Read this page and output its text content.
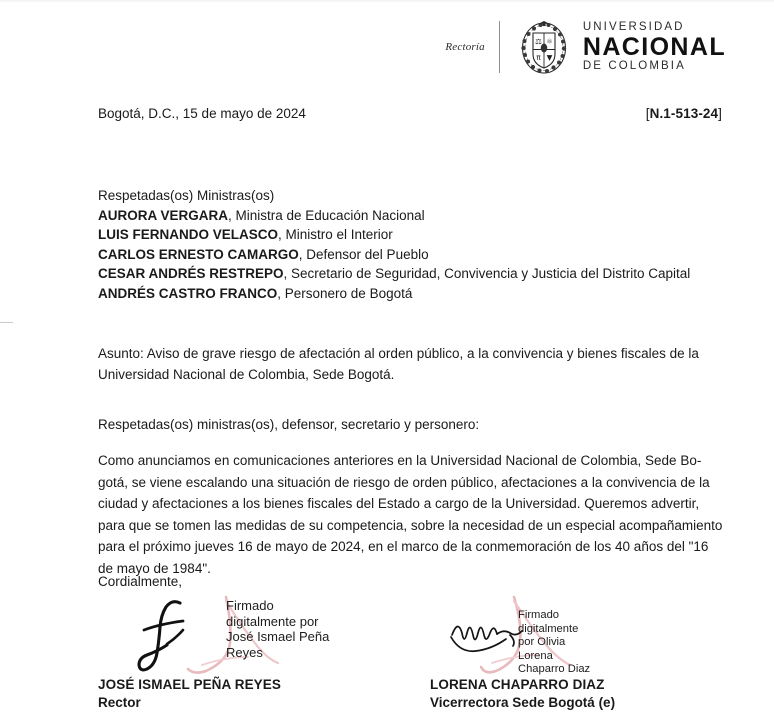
Rectoría	⚖ ⚛
π ▼
UNIVERSIDAD
NACIONAL
DE COLOMBIA
Bogotá, D.C., 15 de mayo de 2024	[N.1-513-24]
Respetadas(os) Ministras(os)
AURORA VERGARA, Ministra de Educación Nacional
LUIS FERNANDO VELASCO, Ministro el Interior
CARLOS ERNESTO CAMARGO, Defensor del Pueblo
CESAR ANDRÉS RESTREPO, Secretario de Seguridad, Convivencia y Justicia del Distrito Capital
ANDRÉS CASTRO FRANCO, Personero de Bogotá
Asunto: Aviso de grave riesgo de afectación al orden público, a la convivencia y bienes fiscales de la Universidad Nacional de Colombia, Sede Bogotá.
Respetadas(os) ministras(os), defensor, secretario y personero:
Como anunciamos en comunicaciones anteriores en la Universidad Nacional de Colombia, Sede Bo-
gotá, se viene escalando una situación de riesgo de orden público, afectaciones a la convivencia de la
ciudad y afectaciones a los bienes fiscales del Estado a cargo de la Universidad. Queremos advertir,
para que se tomen las medidas de su competencia, sobre la necesidad de un especial acompañamiento
para el próximo jueves 16 de mayo de 2024, en el marco de la conmemoración de los 40 años del "16
de mayo de 1984".
Cordialmente,
Firmado
digitalmente por
José Ismael Peña
Reyes
JOSÉ ISMAEL PEÑA REYES
Rector
Firmado
digitalmente
por Olivia
Lorena
Chaparro Diaz
LORENA CHAPARRO DIAZ
Vicerrectora Sede Bogotá (e)
